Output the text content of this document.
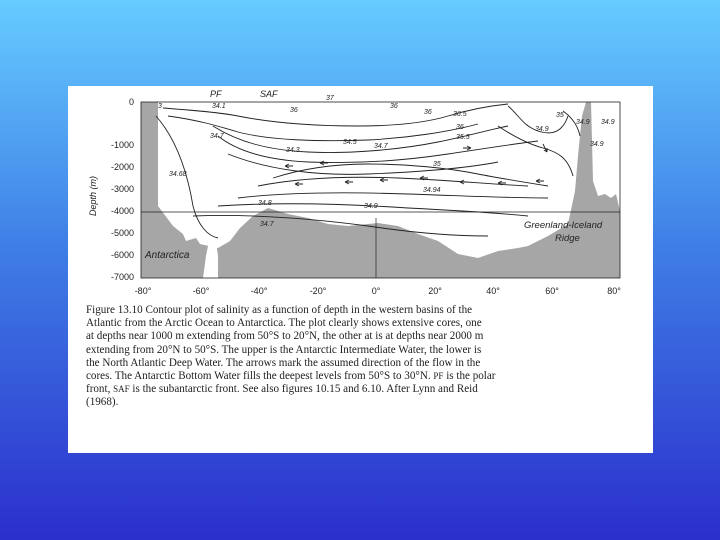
PF	SAF
Antarctica
Greenland-Iceland
Ridge
Depth (m)
0
-1000
-2000
-3000
-4000
-5000
-6000
-7000
-80°	-60°	-40°	-20°	0°	20°	40°	60°	80°
37
34.1
36
36
36.5
36	35
34.9 34.9
34.7
34.3
36
34.5
34.7
35.5
34.9
34.9
35
34.68
34.94
34.8	34.9
34.7
3
Figure 13.10 Contour plot of salinity as a function of depth in the western basins of the
Atlantic from the Arctic Ocean to Antarctica. The plot clearly shows extensive cores, one
at depths near 1000 m extending from 50°S to 20°N, the other at is at depths near 2000 m
extending from 20°N to 50°S. The upper is the Antarctic Intermediate Water, the lower is
the North Atlantic Deep Water. The arrows mark the assumed direction of the flow in the
cores. The Antarctic Bottom Water fills the deepest levels from 50°S to 30°N. PF is the polar
front, SAF is the subantarctic front. See also figures 10.15 and 6.10. After Lynn and Reid
(1968).
